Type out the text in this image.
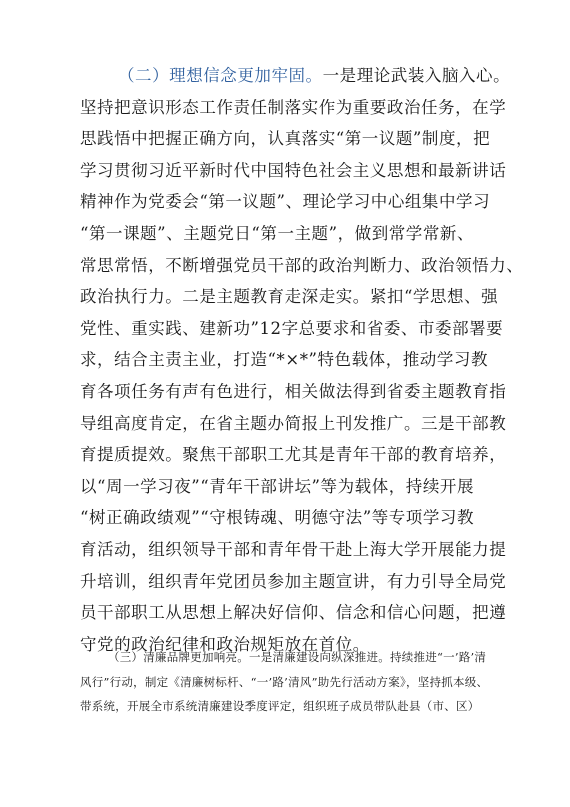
（二）理想信念更加牢固。一是理论武装入脑入心。
坚持把意识形态工作责任制落实作为重要政治任务，在学
思践悟中把握正确方向，认真落实“第一议题”制度，把
学习贯彻习近平新时代中国特色社会主义思想和最新讲话
精神作为党委会“第一议题”、理论学习中心组集中学习
“第一课题”、主题党日“第一主题”，做到常学常新、
常思常悟，不断增强党员干部的政治判断力、政治领悟力、
政治执行力。二是主题教育走深走实。紧扣“学思想、强
党性、重实践、建新功”12字总要求和省委、市委部署要
求，结合主责主业，打造“*×*”特色载体，推动学习教
育各项任务有声有色进行，相关做法得到省委主题教育指
导组高度肯定，在省主题办简报上刊发推广。三是干部教
育提质提效。聚焦干部职工尤其是青年干部的教育培养，
以“周一学习夜”“青年干部讲坛”等为载体，持续开展
“树正确政绩观”“守根铸魂、明德守法”等专项学习教
育活动，组织领导干部和青年骨干赴上海大学开展能力提
升培训，组织青年党团员参加主题宣讲，有力引导全局党
员干部职工从思想上解决好信仰、信念和信心问题，把遵
守党的政治纪律和政治规矩放在首位。
（三）清廉品牌更加响亮。一是清廉建设向纵深推进。持续推进“一’路’清
风行”行动，制定《清廉树标杆、“一’路’清风”助先行活动方案》，坚持抓本级、
带系统，开展全市系统清廉建设季度评定，组织班子成员带队赴县（市、区）
